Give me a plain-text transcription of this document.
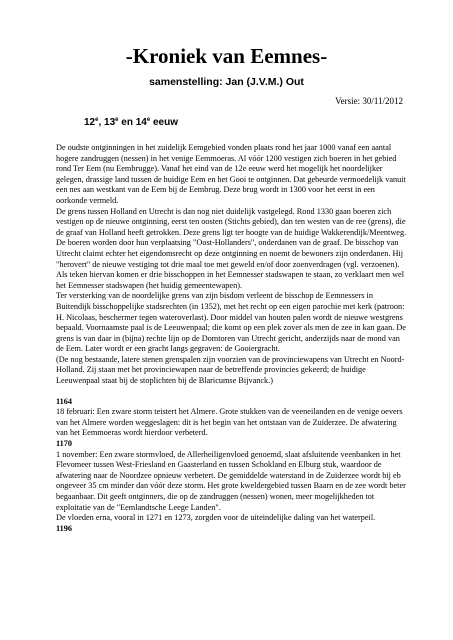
-Kroniek van Eemnes-
samenstelling: Jan (J.V.M.) Out
Versie: 30/11/2012
12e, 13e en 14e eeuw

De oudste ontginningen in het zuidelijk Eemgebied vonden plaats rond het jaar 1000 vanaf een aantal hogere zandruggen (nessen) in het venige Eemmoeras. Al vóór 1200 vestigen zich boeren in het gebied rond Ter Eem (nu Eembrugge). Vanaf het eind van de 12e eeuw werd het mogelijk het noordelijker gelegen, drassige land tussen de huidige Eem en het Gooi te ontginnen. Dat gebeurde vermoedelijk vanuit een nes aan westkant van de Eem bij de Eembrug. Deze brug wordt in 1300 voor het eerst in een oorkonde vermeld.

De grens tussen Holland en Utrecht is dan nog niet duidelijk vastgelegd. Rond 1330 gaan boeren zich vestigen op de nieuwe ontginning, eerst ten oosten (Stichts gebied), dan ten westen van de ree (grens), die de graaf van Holland heeft getrokken. Deze grens ligt ter hoogte van de huidige Wakkerendijk/Meentweg. De boeren worden door hun verplaatsing "Oost-Hollanders", onderdanen van de graaf. De bisschop van Utrecht claimt echter het eigendomsrecht op deze ontginning en noemt de bewoners zijn onderdanen. Hij "herovert" de nieuwe vestiging tot drie maal toe met geweld en/of door zoenverdragen (vgl. verzoenen). Als teken hiervan komen er drie bisschoppen in het Eemnesser stadswapen te staan, zo verklaart men wel het Eemnesser stadswapen (het huidig gemeentewapen).

Ter versterking van de noordelijke grens van zijn bisdom verleent de bisschop de Eemnessers in Buitendijk bisschoppelijke stadsrechten (in 1352), met het recht op een eigen parochie met kerk (patroon: H. Nicolaas, beschermer tegen wateroverlast). Door middel van houten palen wordt de nieuwe westgrens bepaald. Voornaamste paal is de Leeuwenpaal; die komt op een plek zover als men de zee in kan gaan. De grens is van daar in (bijna) rechte lijn op de Domtoren van Utrecht gericht, anderzijds naar de mond van de Eem. Later wordt er een gracht langs gegraven: de Gooiergracht.

(De nog bestaande, latere stenen grenspalen zijn voorzien van de provinciewapens van Utrecht en Noord-Holland. Zij staan met het provinciewapen naar de betreffende provincies gekeerd; de huidige Leeuwenpaal staat bij de stoplichten bij de Blaricumse Bijvanck.)

1164

18 februari: Een zware storm teistert het Almere. Grote stukken van de veeneilanden en de venige oevers van het Almere worden weggeslagen: dit is het begin van het ontstaan van de Zuiderzee. De afwatering van het Eemmoeras wordt hierdoor verbeterd.

1170

1 november: Een zware stormvloed, de Allerheiligenvloed genoemd, slaat afsluitende veenbanken in het Flevomeer tussen West-Friesland en Gaasterland en tussen Schokland en Elburg stuk, waardoor de afwatering naar de Noordzee opnieuw verbetert. De gemiddelde waterstand in de Zuiderzee wordt bij eb ongeveer 35 cm minder dan vóór deze storm. Het grote kweldergebied tussen Baarn en de zee wordt beter begaanbaar. Dit geeft ontginners, die op de zandruggen (nessen) wonen, meer mogelijkheden tot exploitatie van de "Eemlandtsche Leege Landen".

De vloeden erna, vooral in 1271 en 1273, zorgden voor de uiteindelijke daling van het waterpeil.

1196
